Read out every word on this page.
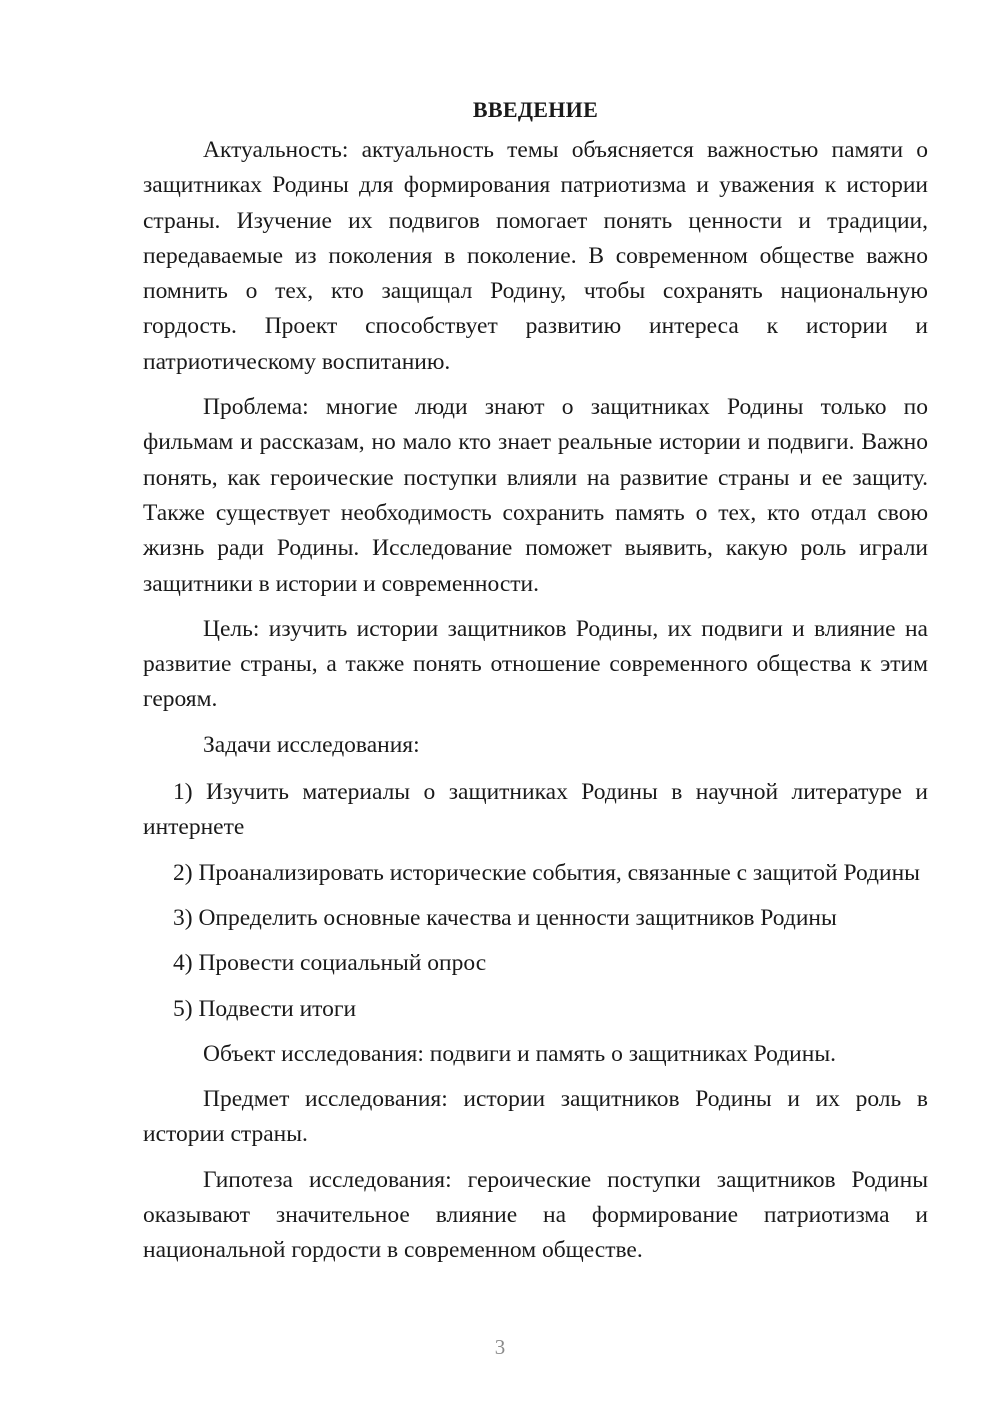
ВВЕДЕНИЕ

Актуальность: актуальность темы объясняется важностью памяти о защитниках Родины для формирования патриотизма и уважения к истории страны. Изучение их подвигов помогает понять ценности и традиции, передаваемые из поколения в поколение. В современном обществе важно помнить о тех, кто защищал Родину, чтобы сохранять национальную гордость. Проект способствует развитию интереса к истории и патриотическому воспитанию.

Проблема: многие люди знают о защитниках Родины только по фильмам и рассказам, но мало кто знает реальные истории и подвиги. Важно понять, как героические поступки влияли на развитие страны и ее защиту. Также существует необходимость сохранить память о тех, кто отдал свою жизнь ради Родины. Исследование поможет выявить, какую роль играли защитники в истории и современности.

Цель: изучить истории защитников Родины, их подвиги и влияние на развитие страны, а также понять отношение современного общества к этим героям.

Задачи исследования:

1) Изучить материалы о защитниках Родины в научной литературе и интернете
2) Проанализировать исторические события, связанные с защитой Родины
3) Определить основные качества и ценности защитников Родины
4) Провести социальный опрос
5) Подвести итоги

Объект исследования: подвиги и память о защитниках Родины.

Предмет исследования: истории защитников Родины и их роль в истории страны.

Гипотеза исследования: героические поступки защитников Родины оказывают значительное влияние на формирование патриотизма и национальной гордости в современном обществе.

3
